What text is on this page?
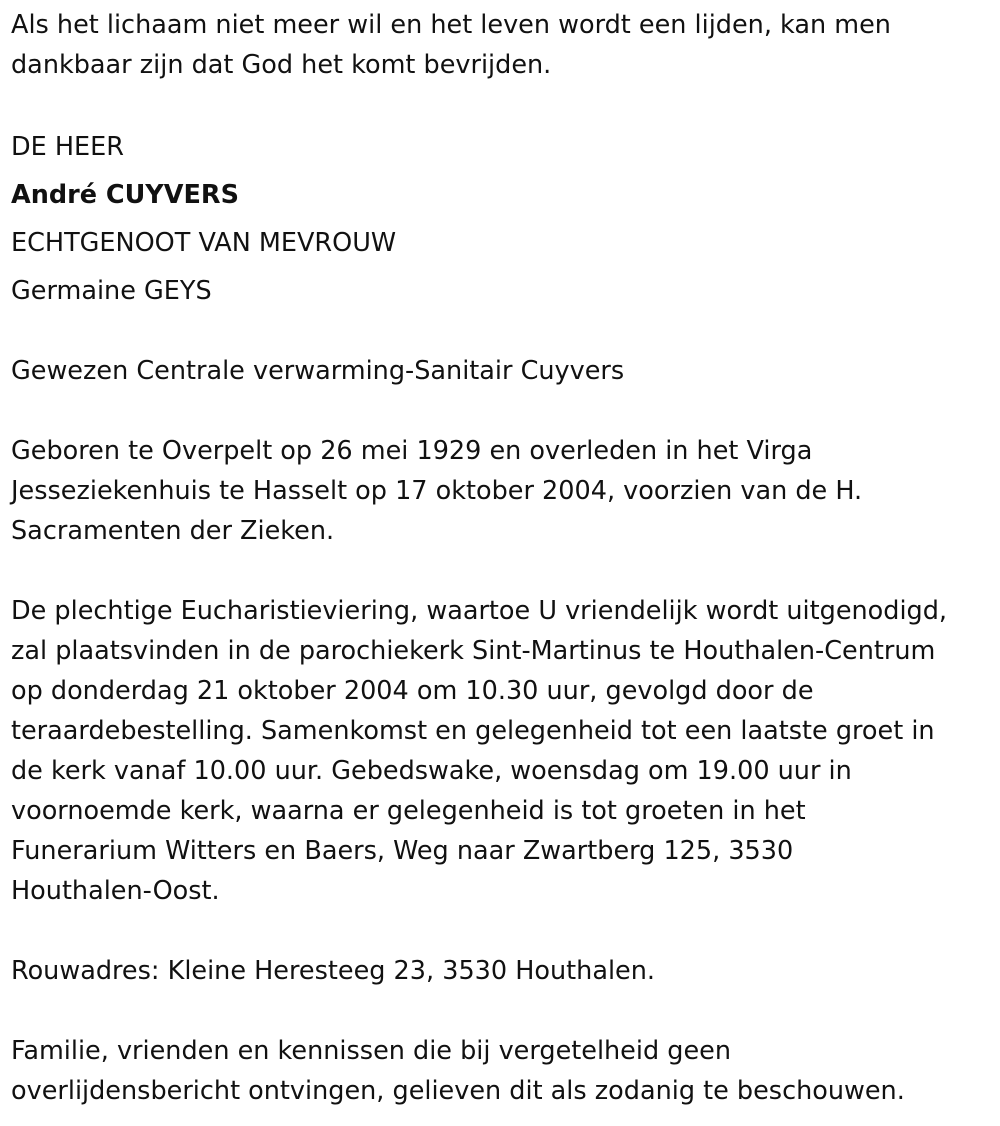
Als het lichaam niet meer wil en het leven wordt een lijden, kan men
dankbaar zijn dat God het komt bevrijden.

DE HEER
André CUYVERS
ECHTGENOOT VAN MEVROUW
Germaine GEYS

Gewezen Centrale verwarming-Sanitair Cuyvers

Geboren te Overpelt op 26 mei 1929 en overleden in het Virga
Jesseziekenhuis te Hasselt op 17 oktober 2004, voorzien van de H.
Sacramenten der Zieken.

De plechtige Eucharistieviering, waartoe U vriendelijk wordt uitgenodigd,
zal plaatsvinden in de parochiekerk Sint-Martinus te Houthalen-Centrum
op donderdag 21 oktober 2004 om 10.30 uur, gevolgd door de
teraardebestelling. Samenkomst en gelegenheid tot een laatste groet in
de kerk vanaf 10.00 uur. Gebedswake, woensdag om 19.00 uur in
voornoemde kerk, waarna er gelegenheid is tot groeten in het
Funerarium Witters en Baers, Weg naar Zwartberg 125, 3530
Houthalen-Oost.

Rouwadres: Kleine Heresteeg 23, 3530 Houthalen.

Familie, vrienden en kennissen die bij vergetelheid geen
overlijdensbericht ontvingen, gelieven dit als zodanig te beschouwen.
